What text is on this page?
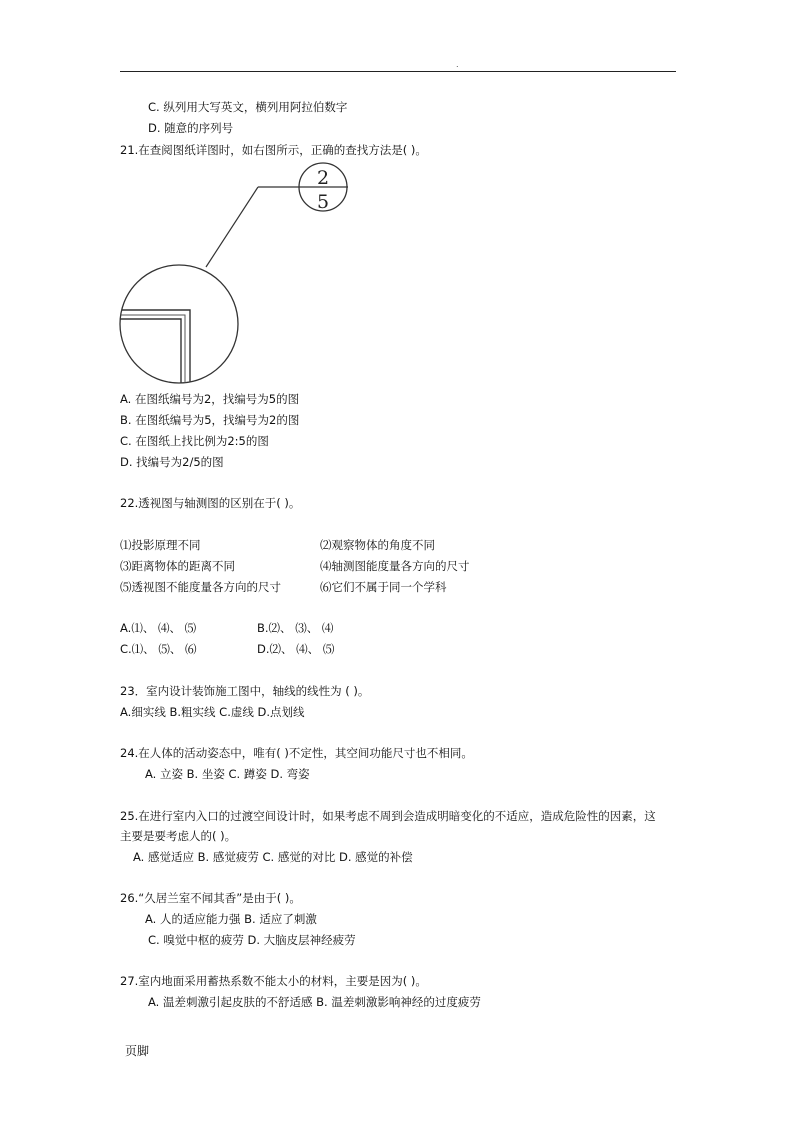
.
C. 纵列用大写英文，横列用阿拉伯数字
D. 随意的序列号
21.在查阅图纸详图时，如右图所示，正确的查找方法是( )。
2
5
A. 在图纸编号为2，找编号为5的图
B. 在图纸编号为5，找编号为2的图
C. 在图纸上找比例为2:5的图
D. 找编号为2/5的图
22.透视图与轴测图的区别在于( )。
⑴投影原理不同	⑵观察物体的角度不同
⑶距离物体的距离不同	⑷轴测图能度量各方向的尺寸
⑸透视图不能度量各方向的尺寸	⑹它们不属于同一个学科
A.⑴、 ⑷、 ⑸	B.⑵、 ⑶、 ⑷
C.⑴、 ⑸、 ⑹	D.⑵、 ⑷、 ⑸
23．室内设计装饰施工图中，轴线的线性为 ( )。
A.细实线 B.粗实线 C.虚线 D.点划线
24.在人体的活动姿态中，唯有( )不定性，其空间功能尺寸也不相同。
A. 立姿 B. 坐姿 C. 蹲姿 D. 弯姿
25.在进行室内入口的过渡空间设计时，如果考虑不周到会造成明暗变化的不适应，造成危险性的因素，这
主要是要考虑人的( )。
A. 感觉适应 B. 感觉疲劳 C. 感觉的对比 D. 感觉的补偿
26.“久居兰室不闻其香”是由于( )。
A. 人的适应能力强 B. 适应了刺激
C. 嗅觉中枢的疲劳 D. 大脑皮层神经疲劳
27.室内地面采用蓄热系数不能太小的材料，主要是因为( )。
A. 温差刺激引起皮肤的不舒适感 B. 温差刺激影响神经的过度疲劳
页脚
